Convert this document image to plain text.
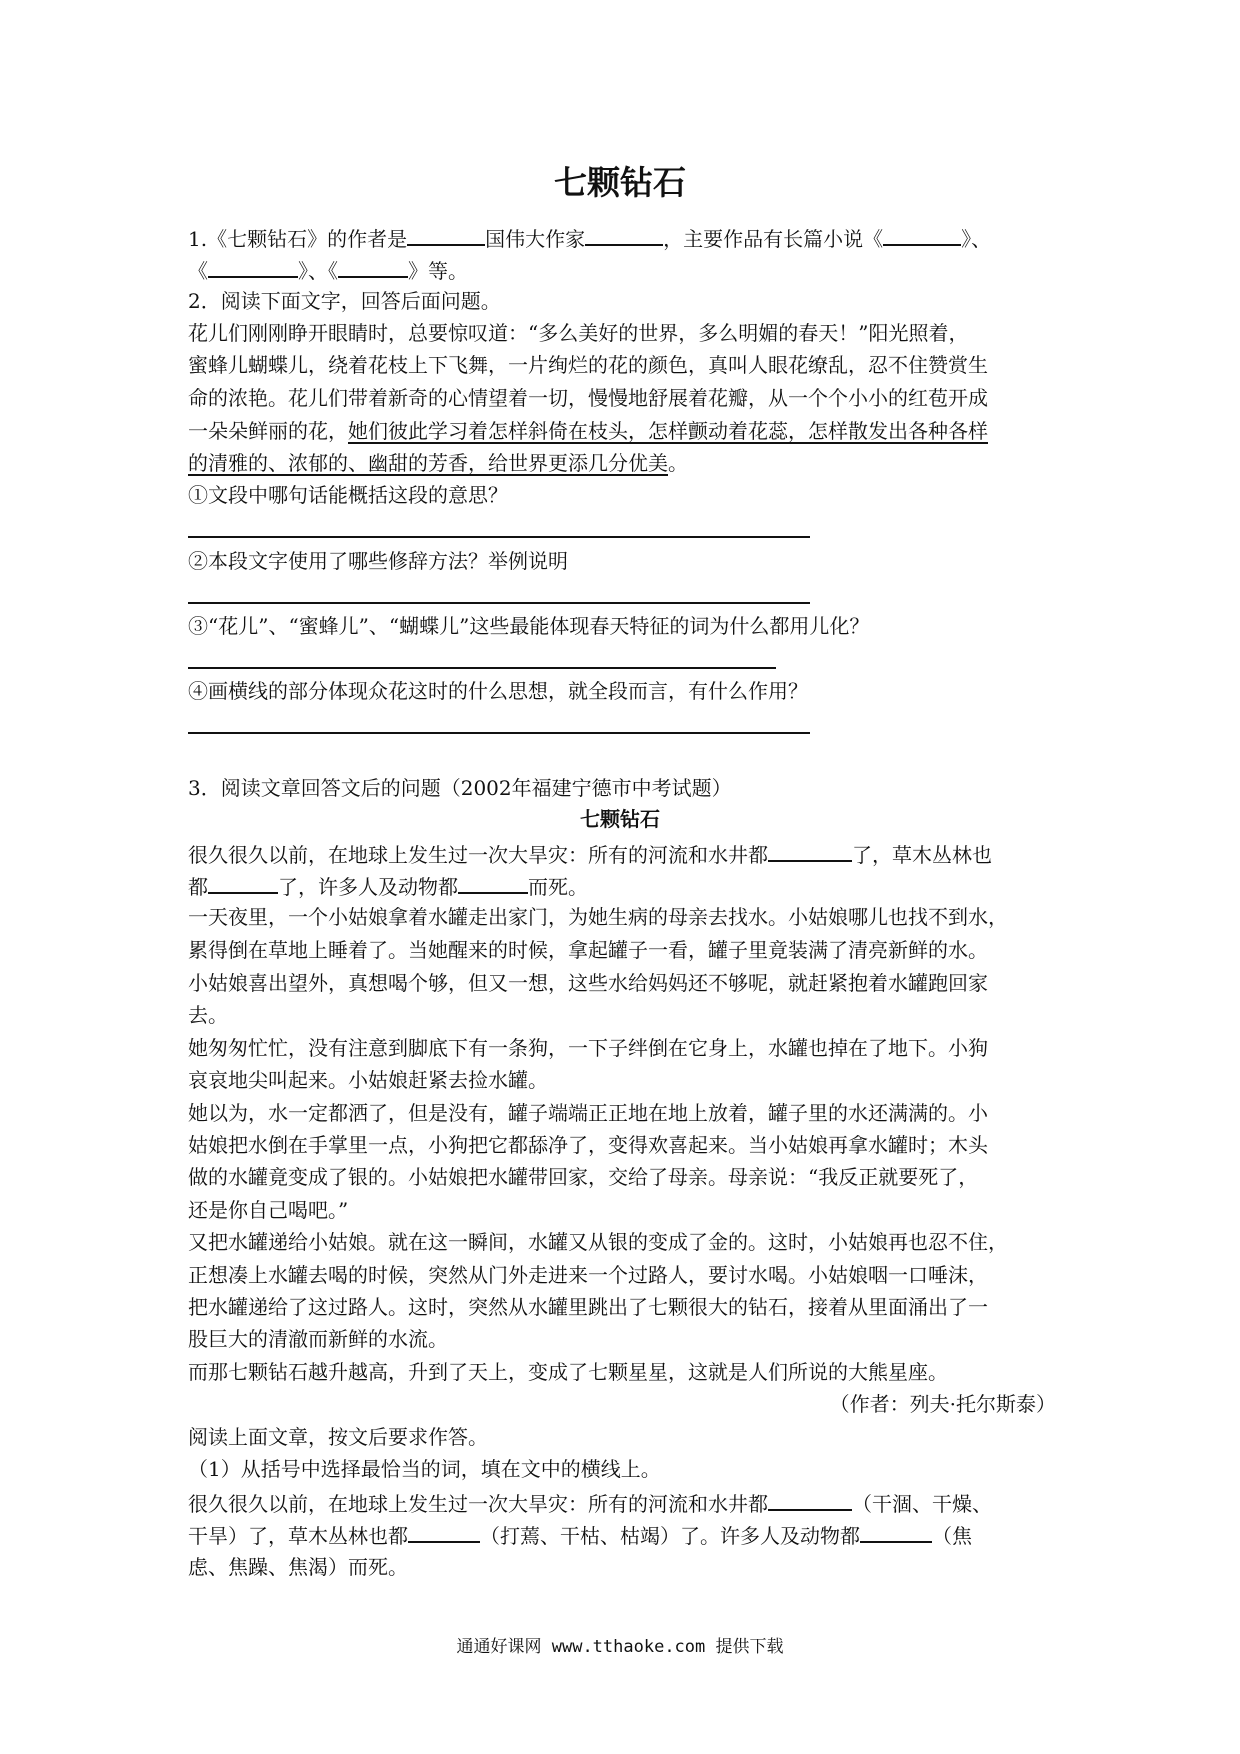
七颗钻石
1.《七颗钻石》的作者是	国伟大作家	，主要作品有长篇小说《	》、
《	》、《	》等。
2．阅读下面文字，回答后面问题。
花儿们刚刚睁开眼睛时，总要惊叹道：“多么美好的世界，多么明媚的春天！”阳光照着，
蜜蜂儿蝴蝶儿，绕着花枝上下飞舞，一片绚烂的花的颜色，真叫人眼花缭乱，忍不住赞赏生
命的浓艳。花儿们带着新奇的心情望着一切，慢慢地舒展着花瓣，从一个个小小的红苞开成
一朵朵鲜丽的花，她们彼此学习着怎样斜倚在枝头，怎样颤动着花蕊，怎样散发出各种各样
的清雅的、浓郁的、幽甜的芳香，给世界更添几分优美。
①文段中哪句话能概括这段的意思？
②本段文字使用了哪些修辞方法？举例说明
③“花儿”、“蜜蜂儿”、“蝴蝶儿”这些最能体现春天特征的词为什么都用儿化？
④画横线的部分体现众花这时的什么思想，就全段而言，有什么作用？
3．阅读文章回答文后的问题（2002年福建宁德市中考试题）
七颗钻石
很久很久以前，在地球上发生过一次大旱灾：所有的河流和水井都	了，草木丛林也
都	了，许多人及动物都	而死。
一天夜里，一个小姑娘拿着水罐走出家门，为她生病的母亲去找水。小姑娘哪儿也找不到水，
累得倒在草地上睡着了。当她醒来的时候，拿起罐子一看，罐子里竟装满了清亮新鲜的水。
小姑娘喜出望外，真想喝个够，但又一想，这些水给妈妈还不够呢，就赶紧抱着水罐跑回家
去。
她匆匆忙忙，没有注意到脚底下有一条狗，一下子绊倒在它身上，水罐也掉在了地下。小狗
哀哀地尖叫起来。小姑娘赶紧去捡水罐。
她以为，水一定都洒了，但是没有，罐子端端正正地在地上放着，罐子里的水还满满的。小
姑娘把水倒在手掌里一点，小狗把它都舔净了，变得欢喜起来。当小姑娘再拿水罐时；木头
做的水罐竟变成了银的。小姑娘把水罐带回家，交给了母亲。母亲说：“我反正就要死了，
还是你自己喝吧。”
又把水罐递给小姑娘。就在这一瞬间，水罐又从银的变成了金的。这时，小姑娘再也忍不住，
正想凑上水罐去喝的时候，突然从门外走进来一个过路人，要讨水喝。小姑娘咽一口唾沫，
把水罐递给了这过路人。这时，突然从水罐里跳出了七颗很大的钻石，接着从里面涌出了一
股巨大的清澈而新鲜的水流。
而那七颗钻石越升越高，升到了天上，变成了七颗星星，这就是人们所说的大熊星座。
（作者：列夫·托尔斯泰）
阅读上面文章，按文后要求作答。
（1）从括号中选择最恰当的词，填在文中的横线上。
很久很久以前，在地球上发生过一次大旱灾：所有的河流和水井都	（干涸、干燥、
干旱）了，草木丛林也都	（打蔫、干枯、枯竭）了。许多人及动物都	（焦
虑、焦躁、焦渴）而死。
通通好课网 www.tthaoke.com 提供下载
